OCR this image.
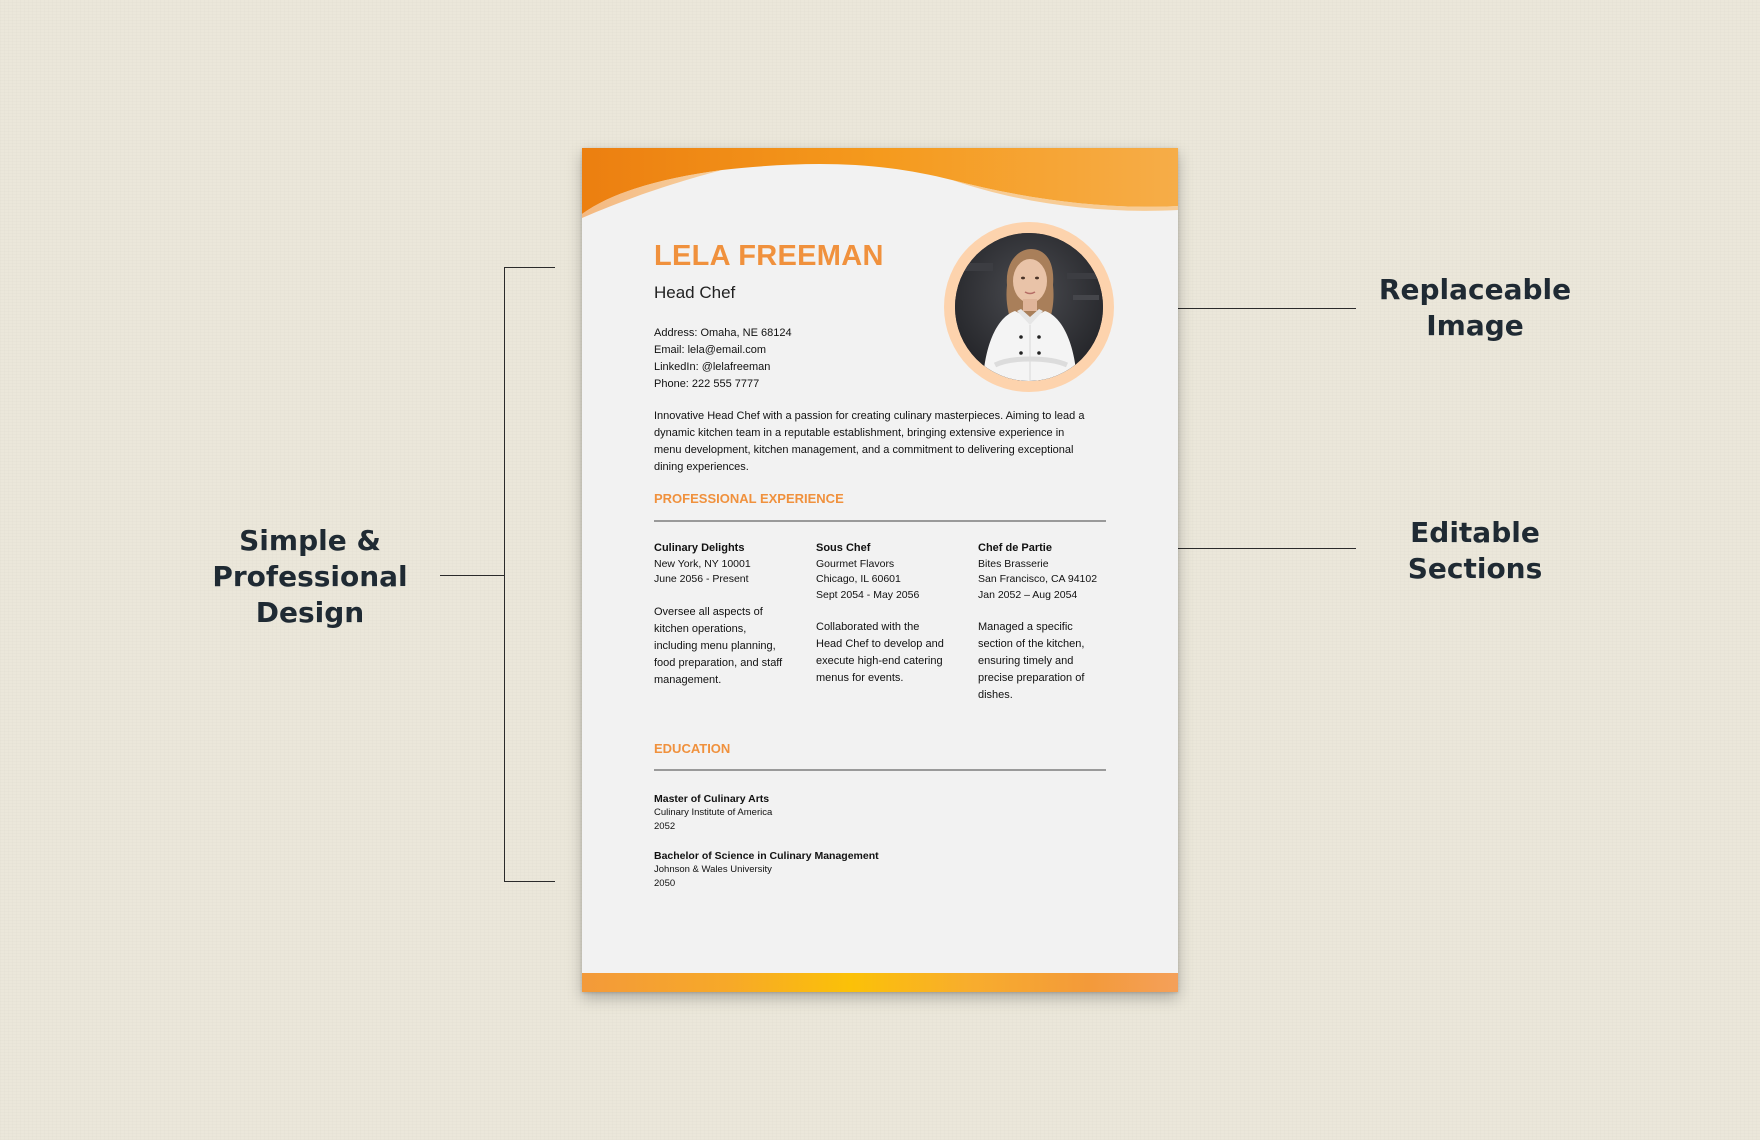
Simple &
Professional
Design
Replaceable
Image
Editable
Sections
LELA FREEMAN
Head Chef
Address: Omaha, NE 68124
Email: lela@email.com
LinkedIn: @lelafreeman
Phone: 222 555 7777
Innovative Head Chef with a passion for creating culinary masterpieces. Aiming to lead a dynamic kitchen team in a reputable establishment, bringing extensive experience in menu development, kitchen management, and a commitment to delivering exceptional dining experiences.
PROFESSIONAL EXPERIENCE
Culinary Delights
New York, NY 10001
June 2056 - Present
Oversee all aspects of kitchen operations, including menu planning, food preparation, and staff management.
Sous Chef
Gourmet Flavors
Chicago, IL 60601
Sept 2054 - May 2056
Collaborated with the Head Chef to develop and execute high-end catering menus for events.
Chef de Partie
Bites Brasserie
San Francisco, CA 94102
Jan 2052 – Aug 2054
Managed a specific section of the kitchen, ensuring timely and precise preparation of dishes.
EDUCATION
Master of Culinary Arts
Culinary Institute of America
2052
Bachelor of Science in Culinary Management
Johnson & Wales University
2050
